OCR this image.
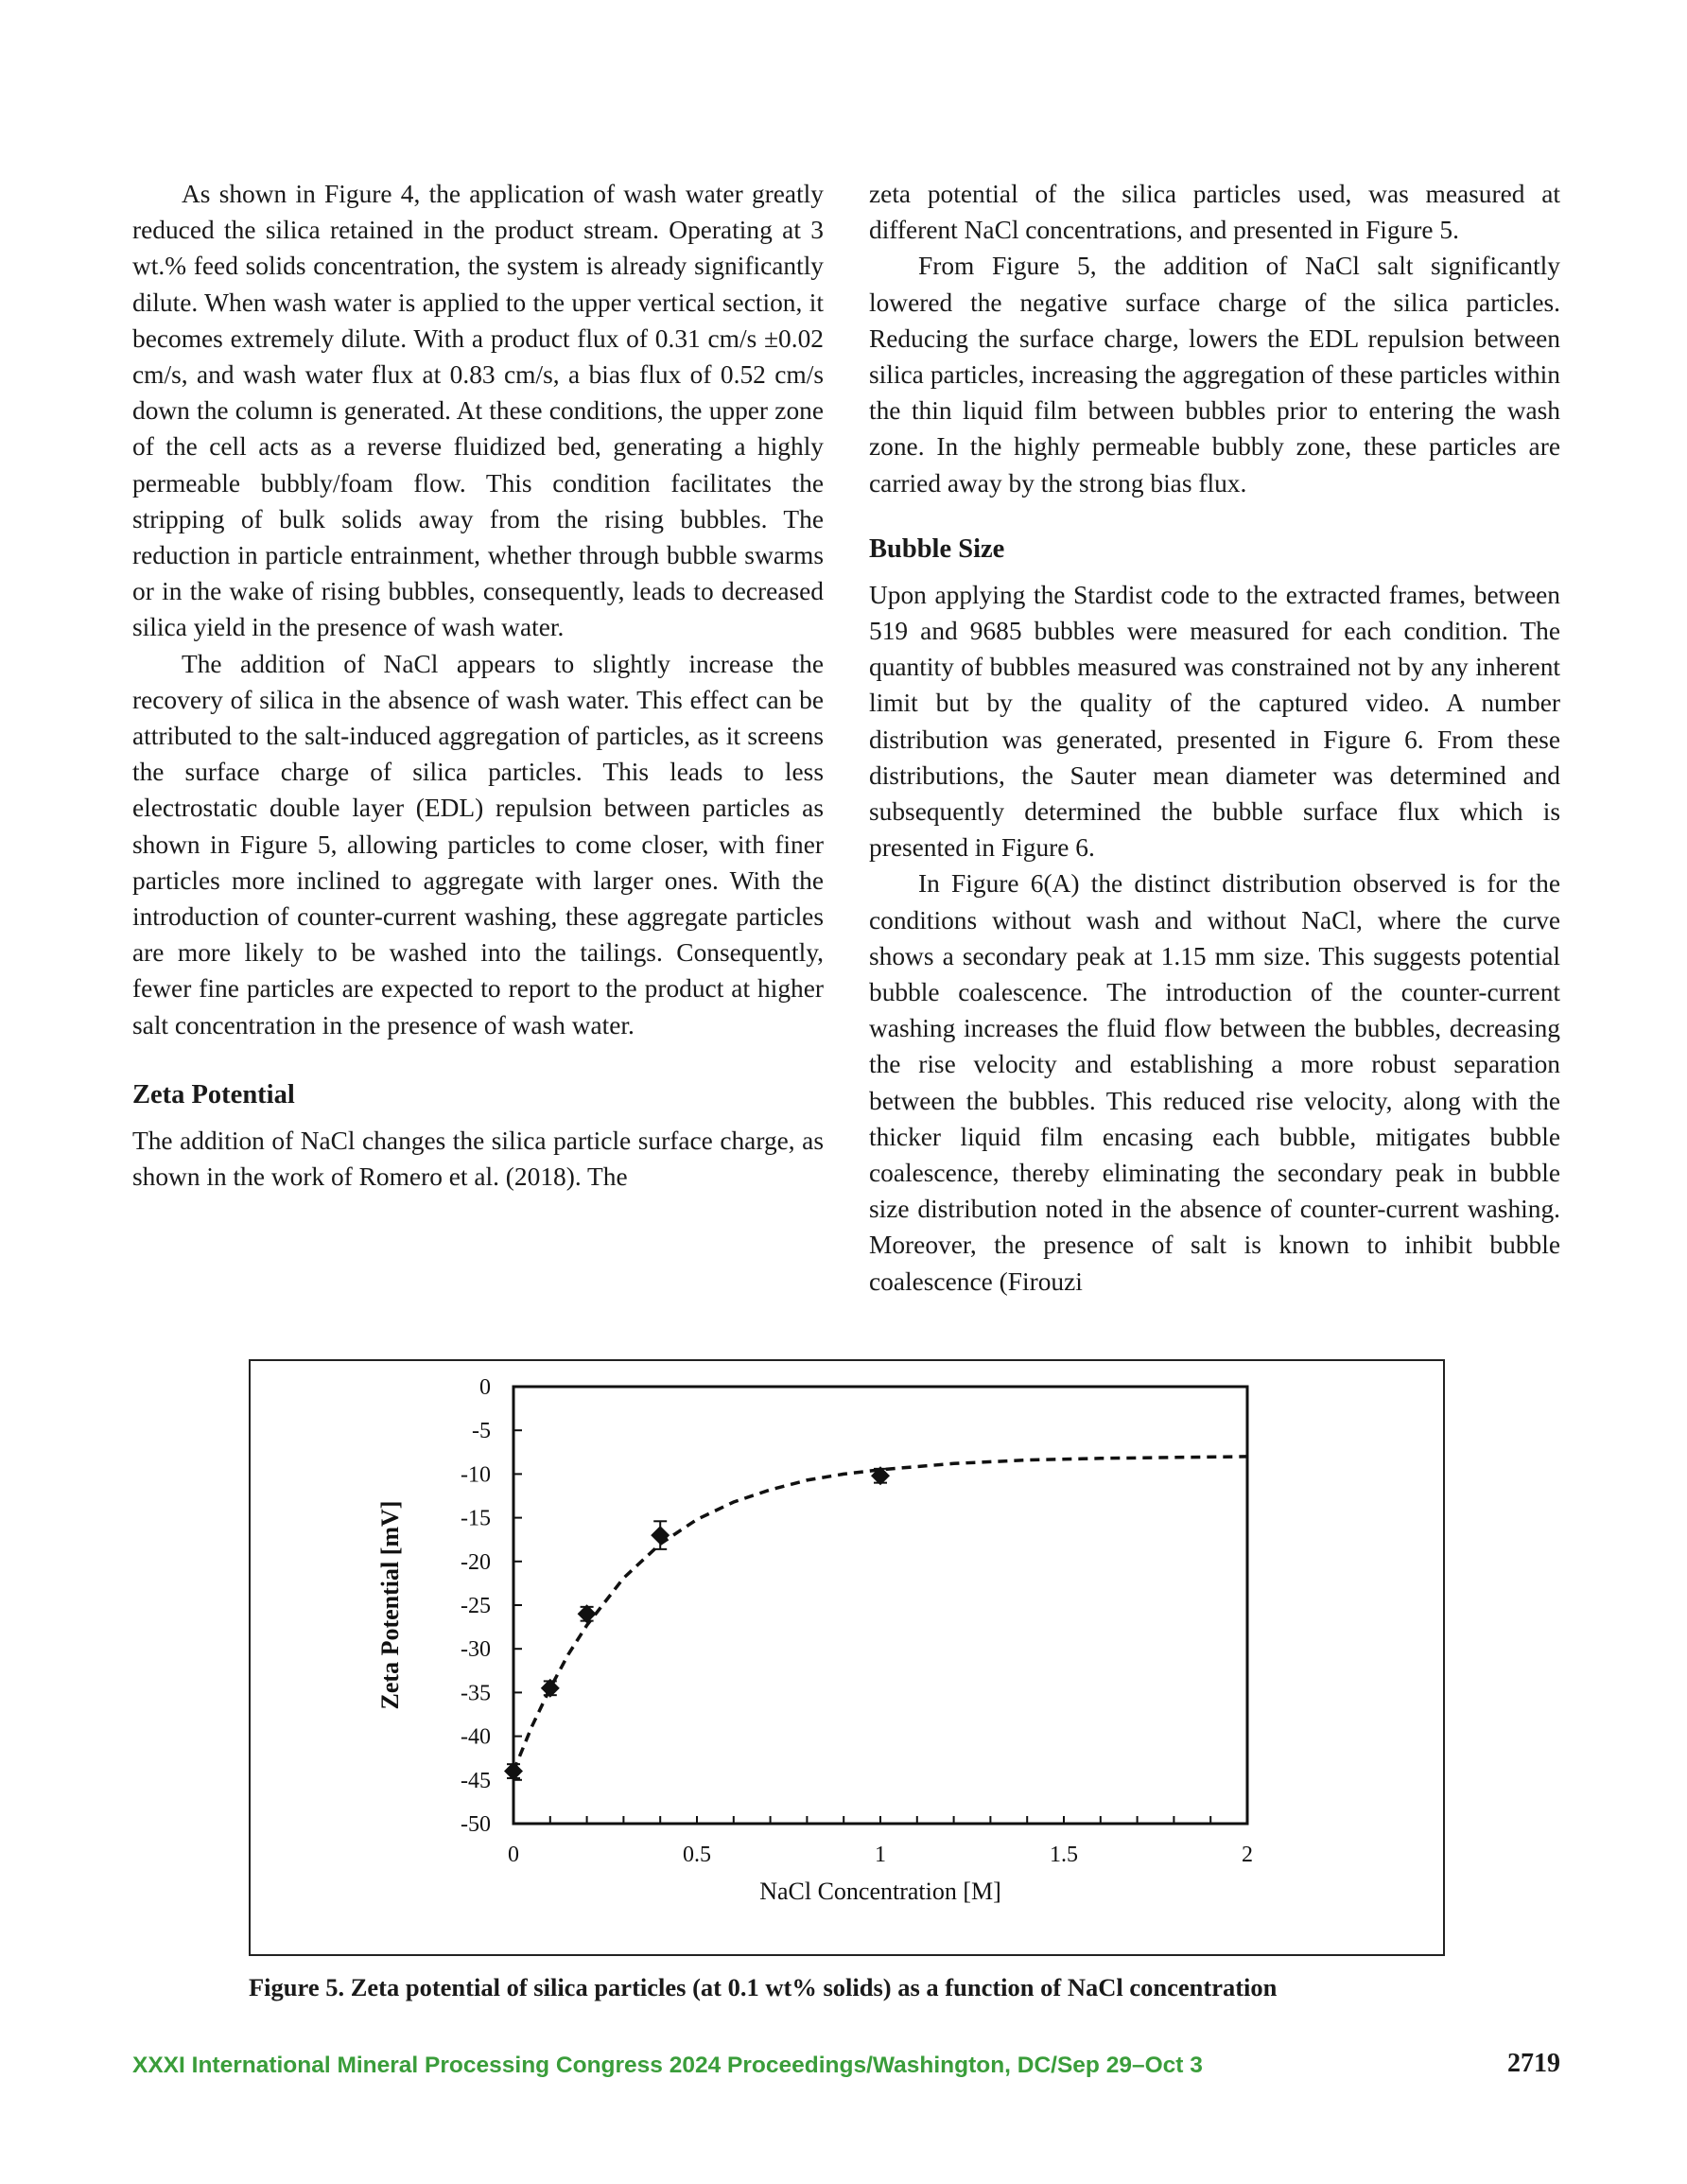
As shown in Figure 4, the application of wash water greatly reduced the silica retained in the product stream. Operating at 3 wt.% feed solids concentration, the system is already significantly dilute. When wash water is applied to the upper vertical section, it becomes extremely dilute. With a product flux of 0.31 cm/s ±0.02 cm/s, and wash water flux at 0.83 cm/s, a bias flux of 0.52 cm/s down the column is generated. At these conditions, the upper zone of the cell acts as a reverse fluidized bed, generating a highly permeable bubbly/foam flow. This condition facilitates the stripping of bulk solids away from the rising bubbles. The reduction in particle entrainment, whether through bubble swarms or in the wake of rising bubbles, consequently, leads to decreased silica yield in the presence of wash water.

The addition of NaCl appears to slightly increase the recovery of silica in the absence of wash water. This effect can be attributed to the salt-induced aggregation of particles, as it screens the surface charge of silica particles. This leads to less electrostatic double layer (EDL) repulsion between particles as shown in Figure 5, allowing particles to come closer, with finer particles more inclined to aggregate with larger ones. With the introduction of counter-current washing, these aggregate particles are more likely to be washed into the tailings. Consequently, fewer fine particles are expected to report to the product at higher salt concentration in the presence of wash water.

Zeta Potential

The addition of NaCl changes the silica particle surface charge, as shown in the work of Romero et al. (2018). The

zeta potential of the silica particles used, was measured at different NaCl concentrations, and presented in Figure 5.

From Figure 5, the addition of NaCl salt significantly lowered the negative surface charge of the silica particles. Reducing the surface charge, lowers the EDL repulsion between silica particles, increasing the aggregation of these particles within the thin liquid film between bubbles prior to entering the wash zone. In the highly permeable bubbly zone, these particles are carried away by the strong bias flux.

Bubble Size

Upon applying the Stardist code to the extracted frames, between 519 and 9685 bubbles were measured for each condition. The quantity of bubbles measured was constrained not by any inherent limit but by the quality of the captured video. A number distribution was generated, presented in Figure 6. From these distributions, the Sauter mean diameter was determined and subsequently determined the bubble surface flux which is presented in Figure 6.

In Figure 6(A) the distinct distribution observed is for the conditions without wash and without NaCl, where the curve shows a secondary peak at 1.15 mm size. This suggests potential bubble coalescence. The introduction of the counter-current washing increases the fluid flow between the bubbles, decreasing the rise velocity and establishing a more robust separation between the bubbles. This reduced rise velocity, along with the thicker liquid film encasing each bubble, mitigates bubble coalescence, thereby eliminating the secondary peak in bubble size distribution noted in the absence of counter-current washing. Moreover, the presence of salt is known to inhibit bubble coalescence (Firouzi

0
-5
-10
-15
-20
-25
-30
-35
-40
-45
-50
0	0.5	1	1.5	2
NaCl Concentration [M]
Zeta Potential [mV]
Figure 5. Zeta potential of silica particles (at 0.1 wt% solids) as a function of NaCl concentration
XXXI International Mineral Processing Congress 2024 Proceedings/Washington, DC/Sep 29–Oct 3	2719
